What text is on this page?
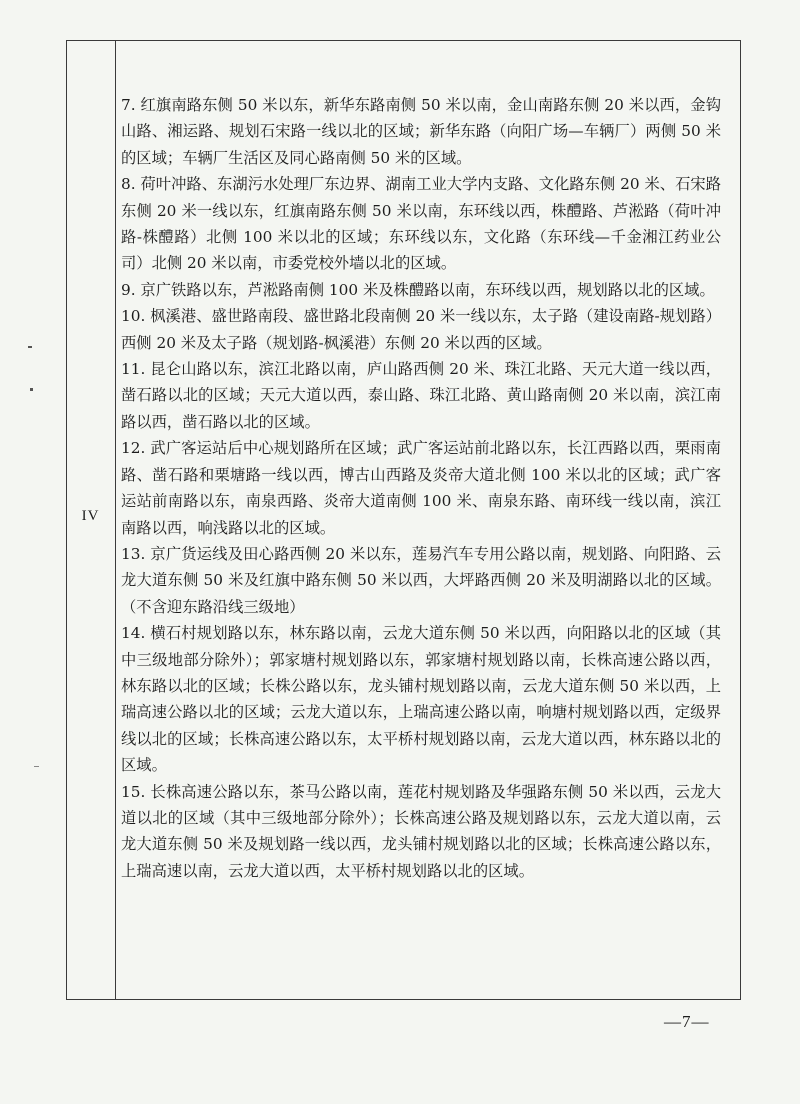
IV

7. 红旗南路东侧 50 米以东，新华东路南侧 50 米以南，金山南路东侧 20 米以西，金钩山路、湘运路、规划石宋路一线以北的区域；新华东路（向阳广场—车辆厂）两侧 50 米的区域；车辆厂生活区及同心路南侧 50 米的区域。

8. 荷叶冲路、东湖污水处理厂东边界、湖南工业大学内支路、文化路东侧 20 米、石宋路东侧 20 米一线以东，红旗南路东侧 50 米以南，东环线以西，株醴路、芦淞路（荷叶冲路-株醴路）北侧 100 米以北的区域；东环线以东，文化路（东环线—千金湘江药业公司）北侧 20 米以南，市委党校外墙以北的区域。

9. 京广铁路以东，芦淞路南侧 100 米及株醴路以南，东环线以西，规划路以北的区域。

10. 枫溪港、盛世路南段、盛世路北段南侧 20 米一线以东，太子路（建设南路-规划路）西侧 20 米及太子路（规划路-枫溪港）东侧 20 米以西的区域。

11. 昆仑山路以东，滨江北路以南，庐山路西侧 20 米、珠江北路、天元大道一线以西，凿石路以北的区域；天元大道以西，泰山路、珠江北路、黄山路南侧 20 米以南，滨江南路以西，凿石路以北的区域。

12. 武广客运站后中心规划路所在区域；武广客运站前北路以东，长江西路以西，栗雨南路、凿石路和栗塘路一线以西，博古山西路及炎帝大道北侧 100 米以北的区域；武广客运站前南路以东，南泉西路、炎帝大道南侧 100 米、南泉东路、南环线一线以南，滨江南路以西，响浅路以北的区域。

13. 京广货运线及田心路西侧 20 米以东，莲易汽车专用公路以南，规划路、向阳路、云龙大道东侧 50 米及红旗中路东侧 50 米以西，大坪路西侧 20 米及明湖路以北的区域。（不含迎东路沿线三级地）

14. 横石村规划路以东，林东路以南，云龙大道东侧 50 米以西，向阳路以北的区域（其中三级地部分除外）；郭家塘村规划路以东，郭家塘村规划路以南，长株高速公路以西，林东路以北的区域；长株公路以东，龙头铺村规划路以南，云龙大道东侧 50 米以西，上瑞高速公路以北的区域；云龙大道以东，上瑞高速公路以南，响塘村规划路以西，定级界线以北的区域；长株高速公路以东，太平桥村规划路以南，云龙大道以西，林东路以北的区域。

15. 长株高速公路以东，茶马公路以南，莲花村规划路及华强路东侧 50 米以西，云龙大道以北的区域（其中三级地部分除外）；长株高速公路及规划路以东，云龙大道以南，云龙大道东侧 50 米及规划路一线以西，龙头铺村规划路以北的区域；长株高速公路以东，上瑞高速以南，云龙大道以西，太平桥村规划路以北的区域。

—7—
